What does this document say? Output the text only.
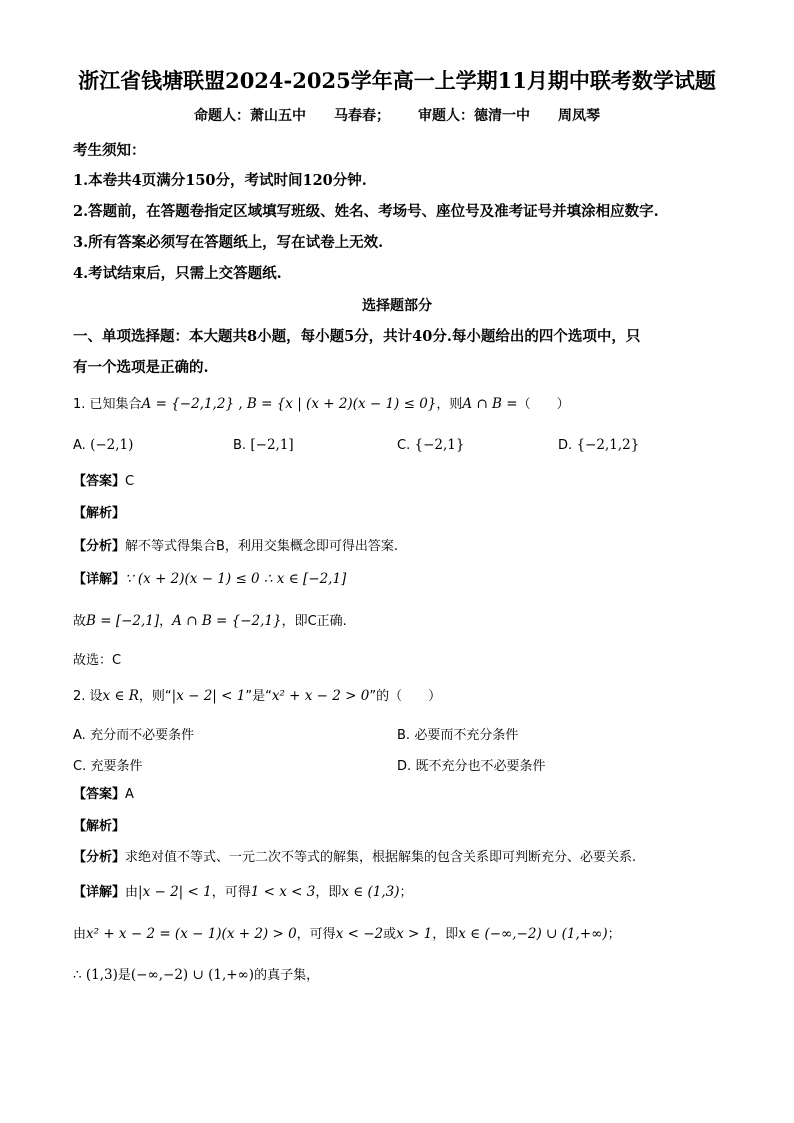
浙江省钱塘联盟2024-2025学年高一上学期11月期中联考数学试题
命题人：萧山五中 马春春； 审题人：德清一中 周凤琴
考生须知：
1.本卷共4页满分150分，考试时间120分钟.
2.答题前，在答题卷指定区域填写班级、姓名、考场号、座位号及准考证号并填涂相应数字.
3.所有答案必须写在答题纸上，写在试卷上无效.
4.考试结束后，只需上交答题纸.
选择题部分
一、单项选择题：本大题共8小题，每小题5分，共计40分.每小题给出的四个选项中，只
有一个选项是正确的.
1. 已知集合A = {−2,1,2} , B = {x | (x + 2)(x − 1) ≤ 0}，则A ∩ B =（ ）
A. (−2,1)	B. [−2,1]	C. {−2,1}	D. {−2,1,2}
【答案】C
【解析】
【分析】解不等式得集合B，利用交集概念即可得出答案.
【详解】∵ (x + 2)(x − 1) ≤ 0 ∴ x ∈ [−2,1]
故B = [−2,1]，A ∩ B = {−2,1}，即C正确.
故选：C
2. 设x ∈ R，则“|x − 2| < 1”是“x² + x − 2 > 0”的（ ）
A. 充分而不必要条件	B. 必要而不充分条件
C. 充要条件	D. 既不充分也不必要条件
【答案】A
【解析】
【分析】求绝对值不等式、一元二次不等式的解集，根据解集的包含关系即可判断充分、必要关系.
【详解】由|x − 2| < 1，可得1 < x < 3，即x ∈ (1,3)；
由x² + x − 2 = (x − 1)(x + 2) > 0，可得x < −2或x > 1，即x ∈ (−∞,−2) ∪ (1,+∞)；
∴ (1,3)是(−∞,−2) ∪ (1,+∞)的真子集，
